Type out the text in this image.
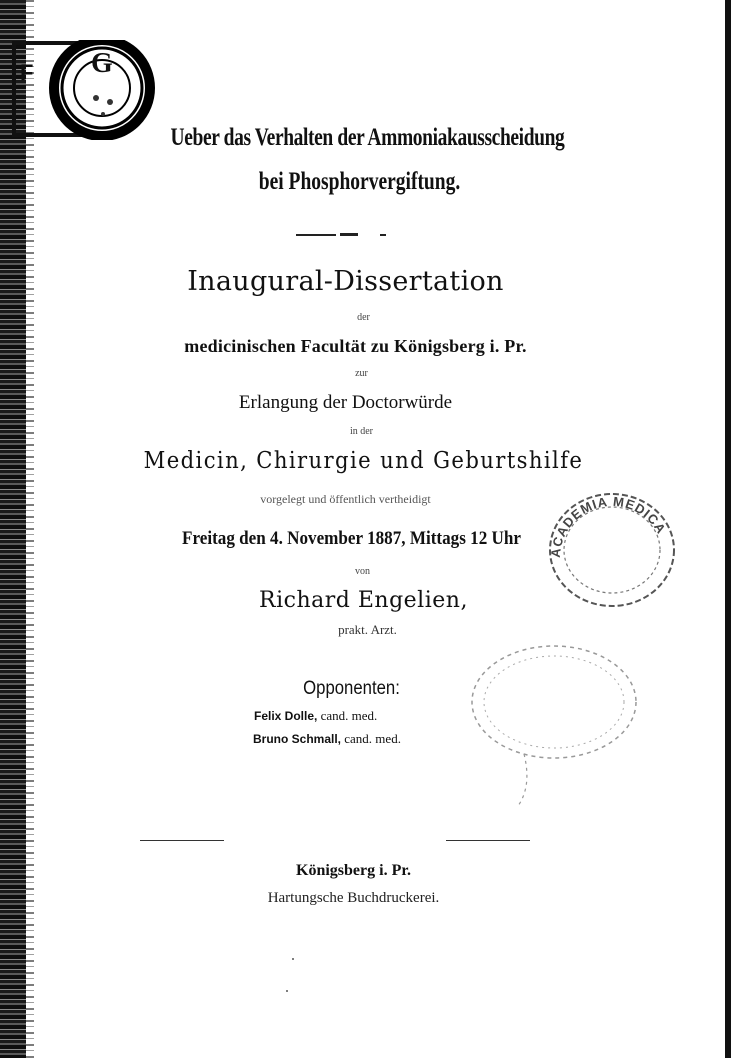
F G
Ueber das Verhalten der Ammoniakausscheidung
bei Phosphorvergiftung.
Inaugural-Dissertation
der
medicinischen Facultät zu Königsberg i. Pr.
zur
Erlangung der Doctorwürde
in der
Medicin, Chirurgie und Geburtshilfe
vorgelegt und öffentlich vertheidigt
Freitag den 4. November 1887, Mittags 12 Uhr
von
Richard Engelien,
prakt. Arzt.
Opponenten:
Felix Dolle, cand. med.
Bruno Schmall, cand. med.
ACADEMIA MEDICA
Königsberg i. Pr.
Hartungsche Buchdruckerei.
